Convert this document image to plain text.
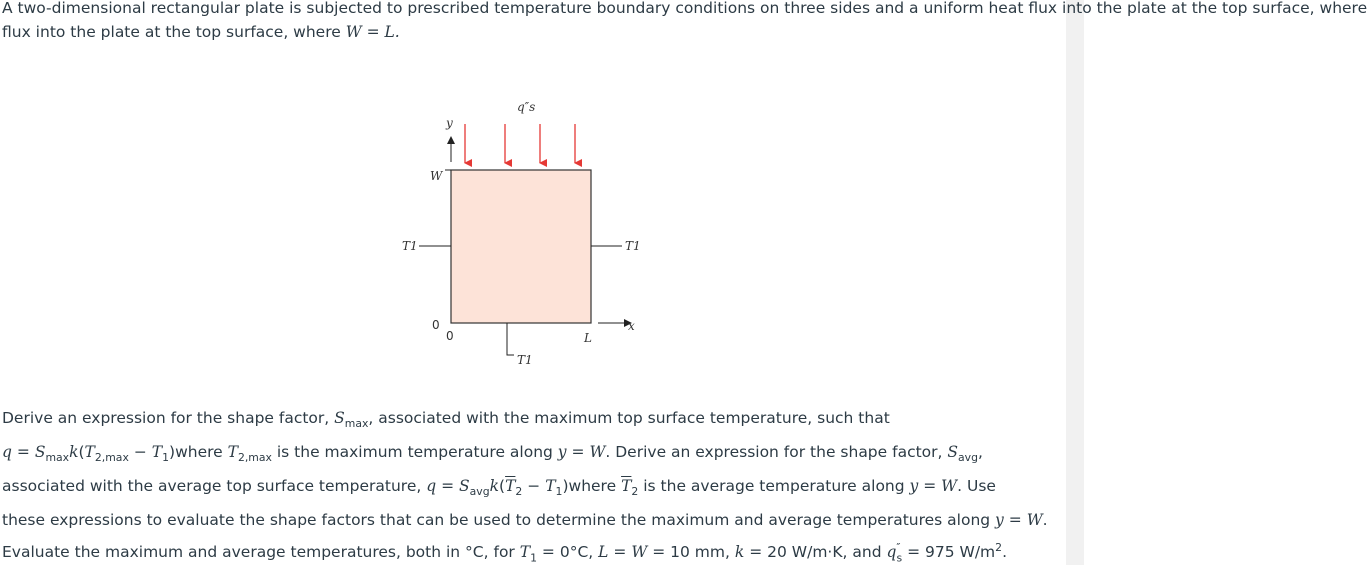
A two-dimensional rectangular plate is subjected to prescribed temperature boundary conditions on three sides and a uniform heat flux into the plate at the top surface, where
flux into the plate at the top surface, where W = L.

q″s
y
W
T1	T1
x
L
0
0
T1

Derive an expression for the shape factor, $S_{max}$, associated with the maximum top surface temperature, such that
$q = S_{max}k(T_{2,max}$ − $T_1)where$ $T_{2,max}$ is the maximum temperature along y = W. Derive an expression for the shape factor, $S_{avg}$,
associated with the average top surface temperature, $q = S_{avg}k(\overline{T}_2$ − $T_1)where$ $\overline{T}_2$ is the average temperature along y = W. Use
these expressions to evaluate the shape factors that can be used to determine the maximum and average temperatures along y = W.
Evaluate the maximum and average temperatures, both in °C, for $T_1 = 0^\circ C$, L = W = 10 mm, k = 20 W/m·K, and $q''_s = 975$ $W/m^2$.
